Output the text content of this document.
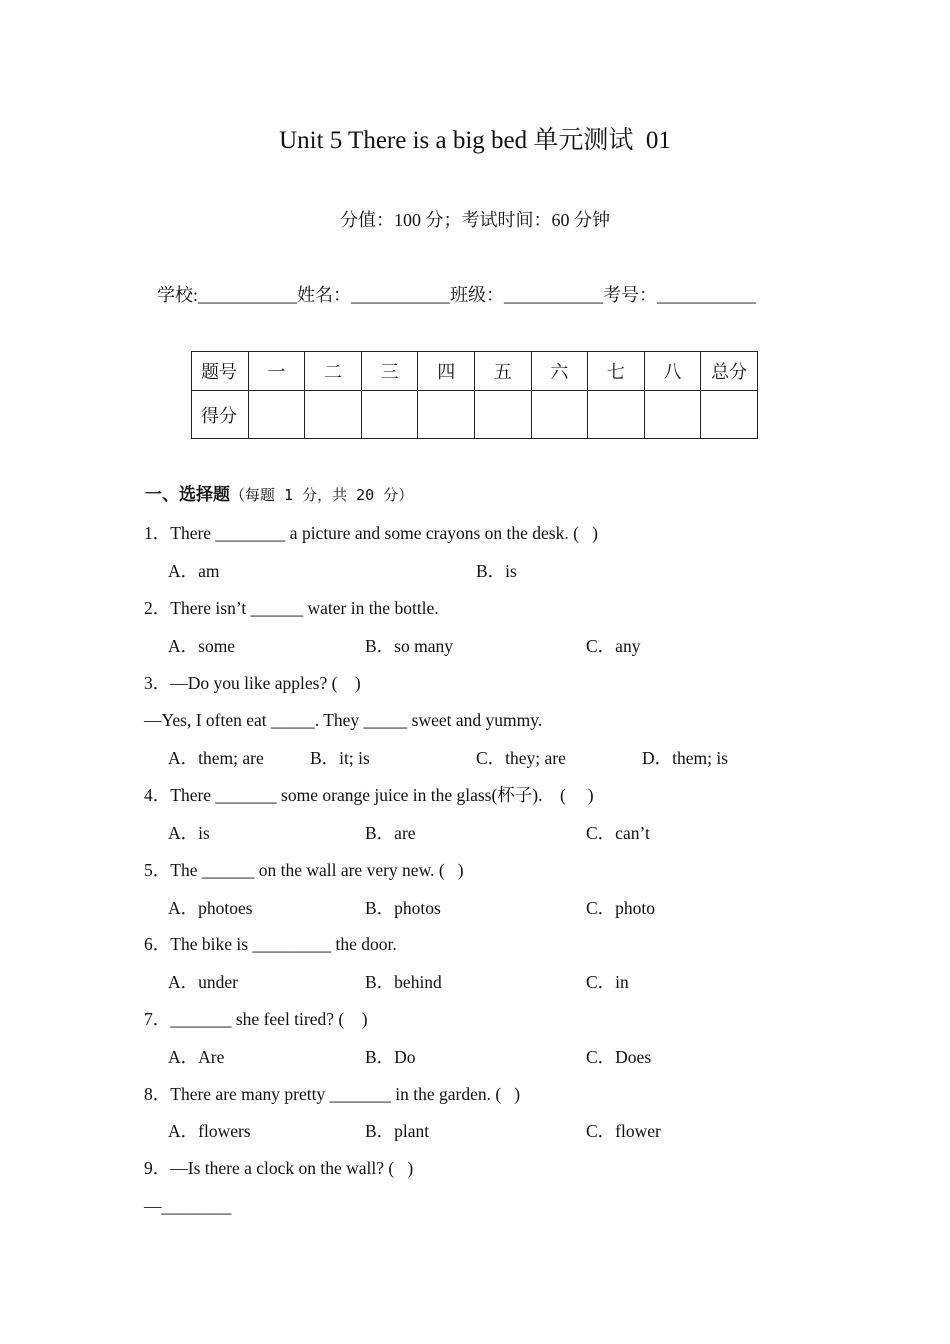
Unit 5 There is a big bed 单元测试  01
分值：100 分；考试时间：60 分钟
学校:___________姓名：___________班级：___________考号：___________
题号	一	二	三	四	五	六	七	八	总分
得分									
一、选择题（每题 1 分，共 20 分）
1．There ________ a picture and some crayons on the desk. (   )
A．am	B．is
2．There isn’t ______ water in the bottle.
A．some	B．so many	C．any
3．—Do you like apples? (    )
—Yes, I often eat _____. They _____ sweet and yummy.
A．them; are	B．it; is	C．they; are	D．them; is
4．There _______ some orange juice in the glass(杯子).    (     )
A．is	B．are	C．can’t
5．The ______ on the wall are very new. (   )
A．photoes	B．photos	C．photo
6．The bike is _________ the door.
A．under	B．behind	C．in
7．_______ she feel tired? (    )
A．Are	B．Do	C．Does
8．There are many pretty _______ in the garden. (   )
A．flowers	B．plant	C．flower
9．—Is there a clock on the wall? (   )
—________
